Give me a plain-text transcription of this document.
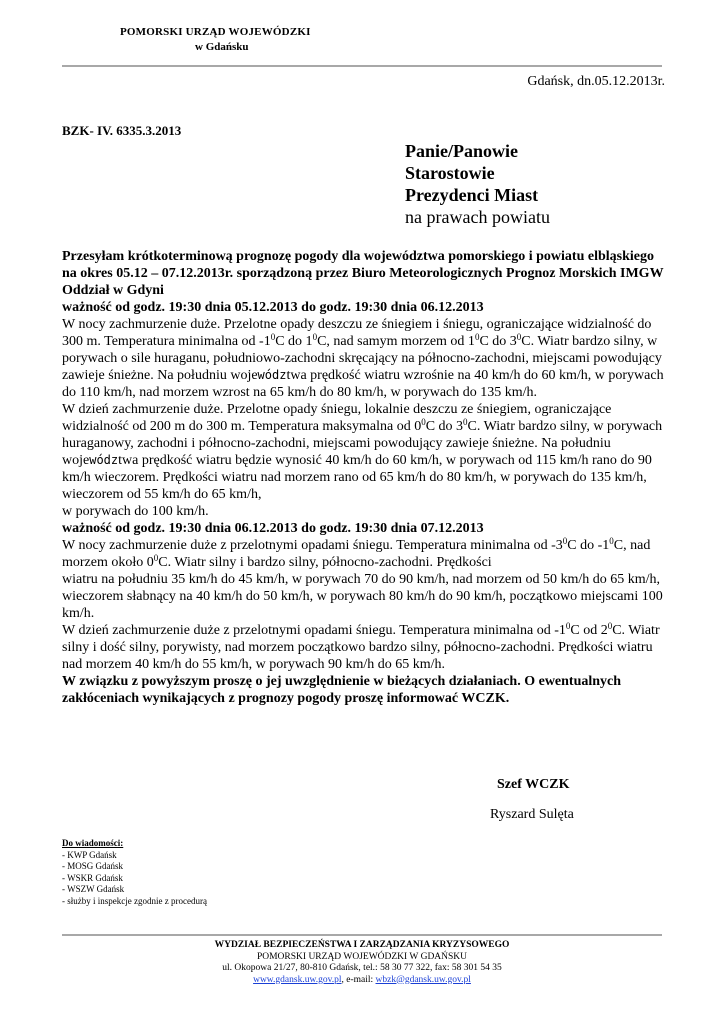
POMORSKI URZĄD WOJEWÓDZKI
w Gdańsku
Gdańsk, dn.05.12.2013r.
BZK- IV. 6335.3.2013
Panie/Panowie
Starostowie
Prezydenci Miast
na prawach powiatu

Przesyłam krótkoterminową prognozę pogody dla województwa pomorskiego i powiatu elbląskiego na okres 05.12 – 07.12.2013r. sporządzoną przez Biuro Meteorologicznych Prognoz Morskich IMGW Oddział w Gdyni

ważność od godz. 19:30 dnia 05.12.2013 do godz. 19:30 dnia 06.12.2013

W nocy zachmurzenie duże. Przelotne opady deszczu ze śniegiem i śniegu, ograniczające widzialność do 300 m. Temperatura minimalna od $-1^0C$ do $1^0C$, nad samym morzem od $1^0C$ do $3^0C$. Wiatr bardzo silny, w porywach o sile huraganu, południowo-zachodni skręcający na północno-zachodni, miejscami powodujący zawieje śnieżne. Na południu województwa prędkość wiatru wzrośnie na 40 km/h do 60 km/h, w porywach do 110 km/h, nad morzem wzrost na 65 km/h do 80 km/h, w porywach do 135 km/h.

W dzień zachmurzenie duże. Przelotne opady śniegu, lokalnie deszczu ze śniegiem, ograniczające widzialność od 200 m do 300 m. Temperatura maksymalna od $0^0C$ do $3^0C$. Wiatr bardzo silny, w porywach huraganowy, zachodni i północno-zachodni, miejscami powodujący zawieje śnieżne. Na południu województwa prędkość wiatru będzie wynosić 40 km/h do 60 km/h, w porywach od 115 km/h rano do 90 km/h wieczorem. Prędkości wiatru nad morzem rano od 65 km/h do 80 km/h, w porywach do 135 km/h, wieczorem od 55 km/h do 65 km/h,
w porywach do 100 km/h.

ważność od godz. 19:30 dnia 06.12.2013 do godz. 19:30 dnia 07.12.2013

W nocy zachmurzenie duże z przelotnymi opadami śniegu. Temperatura minimalna od $-3^0C$ do $-1^0C$, nad morzem około $0^0C$. Wiatr silny i bardzo silny, północno-zachodni. Prędkości
wiatru na południu 35 km/h do 45 km/h, w porywach 70 do 90 km/h, nad morzem od 50 km/h do 65 km/h, wieczorem słabnący na 40 km/h do 50 km/h, w porywach 80 km/h do 90 km/h, początkowo miejscami 100 km/h.

W dzień zachmurzenie duże z przelotnymi opadami śniegu. Temperatura minimalna od $-1^0C$ od $2^0C$. Wiatr silny i dość silny, porywisty, nad morzem początkowo bardzo silny, północno-zachodni. Prędkości wiatru nad morzem 40 km/h do 55 km/h, w porywach 90 km/h do 65 km/h.

W związku z powyższym proszę o jej uwzględnienie w bieżących działaniach. O ewentualnych zakłóceniach wynikających z prognozy pogody proszę informować WCZK.

Szef WCZK
Ryszard Sulęta
Do wiadomości:
- KWP Gdańsk
- MOSG Gdańsk
- WSKR Gdańsk
- WSZW Gdańsk
- służby i inspekcje zgodnie z procedurą
WYDZIAŁ BEZPIECZEŃSTWA I ZARZĄDZANIA KRYZYSOWEGO
POMORSKI URZĄD WOJEWÓDZKI W GDAŃSKU
ul. Okopowa 21/27, 80-810 Gdańsk, tel.: 58 30 77 322, fax: 58 301 54 35
www.gdansk.uw.gov.pl, e-mail: wbzk@gdansk.uw.gov.pl
